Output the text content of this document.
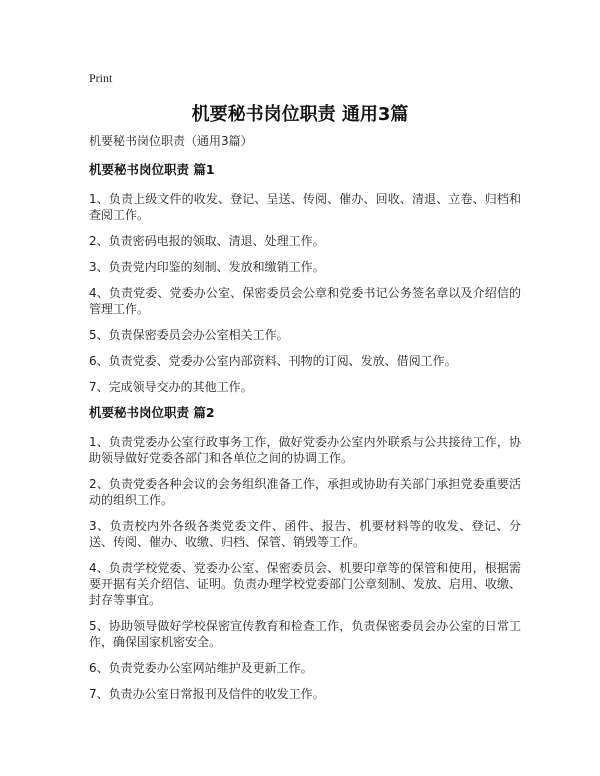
Print
机要秘书岗位职责 通用3篇
机要秘书岗位职责（通用3篇）
机要秘书岗位职责 篇1

1、负责上级文件的收发、登记、呈送、传阅、催办、回收、清退、立卷、归档和查阅工作。

2、负责密码电报的领取、清退、处理工作。

3、负责党内印鉴的刻制、发放和缴销工作。

4、负责党委、党委办公室、保密委员会公章和党委书记公务签名章以及介绍信的管理工作。

5、负责保密委员会办公室相关工作。

6、负责党委、党委办公室内部资料、刊物的订阅、发放、借阅工作。

7、完成领导交办的其他工作。

机要秘书岗位职责 篇2

1、负责党委办公室行政事务工作，做好党委办公室内外联系与公共接待工作，协助领导做好党委各部门和各单位之间的协调工作。

2、负责党委各种会议的会务组织准备工作，承担或协助有关部门承担党委重要活动的组织工作。

3、负责校内外各级各类党委文件、函件、报告、机要材料等的收发、登记、分送、传阅、催办、收缴、归档、保管、销毁等工作。

4、负责学校党委、党委办公室、保密委员会、机要印章等的保管和使用，根据需要开据有关介绍信、证明。负责办理学校党委部门公章刻制、发放、启用、收缴、封存等事宜。

5、协助领导做好学校保密宣传教育和检查工作，负责保密委员会办公室的日常工作，确保国家机密安全。

6、负责党委办公室网站维护及更新工作。

7、负责办公室日常报刊及信件的收发工作。
